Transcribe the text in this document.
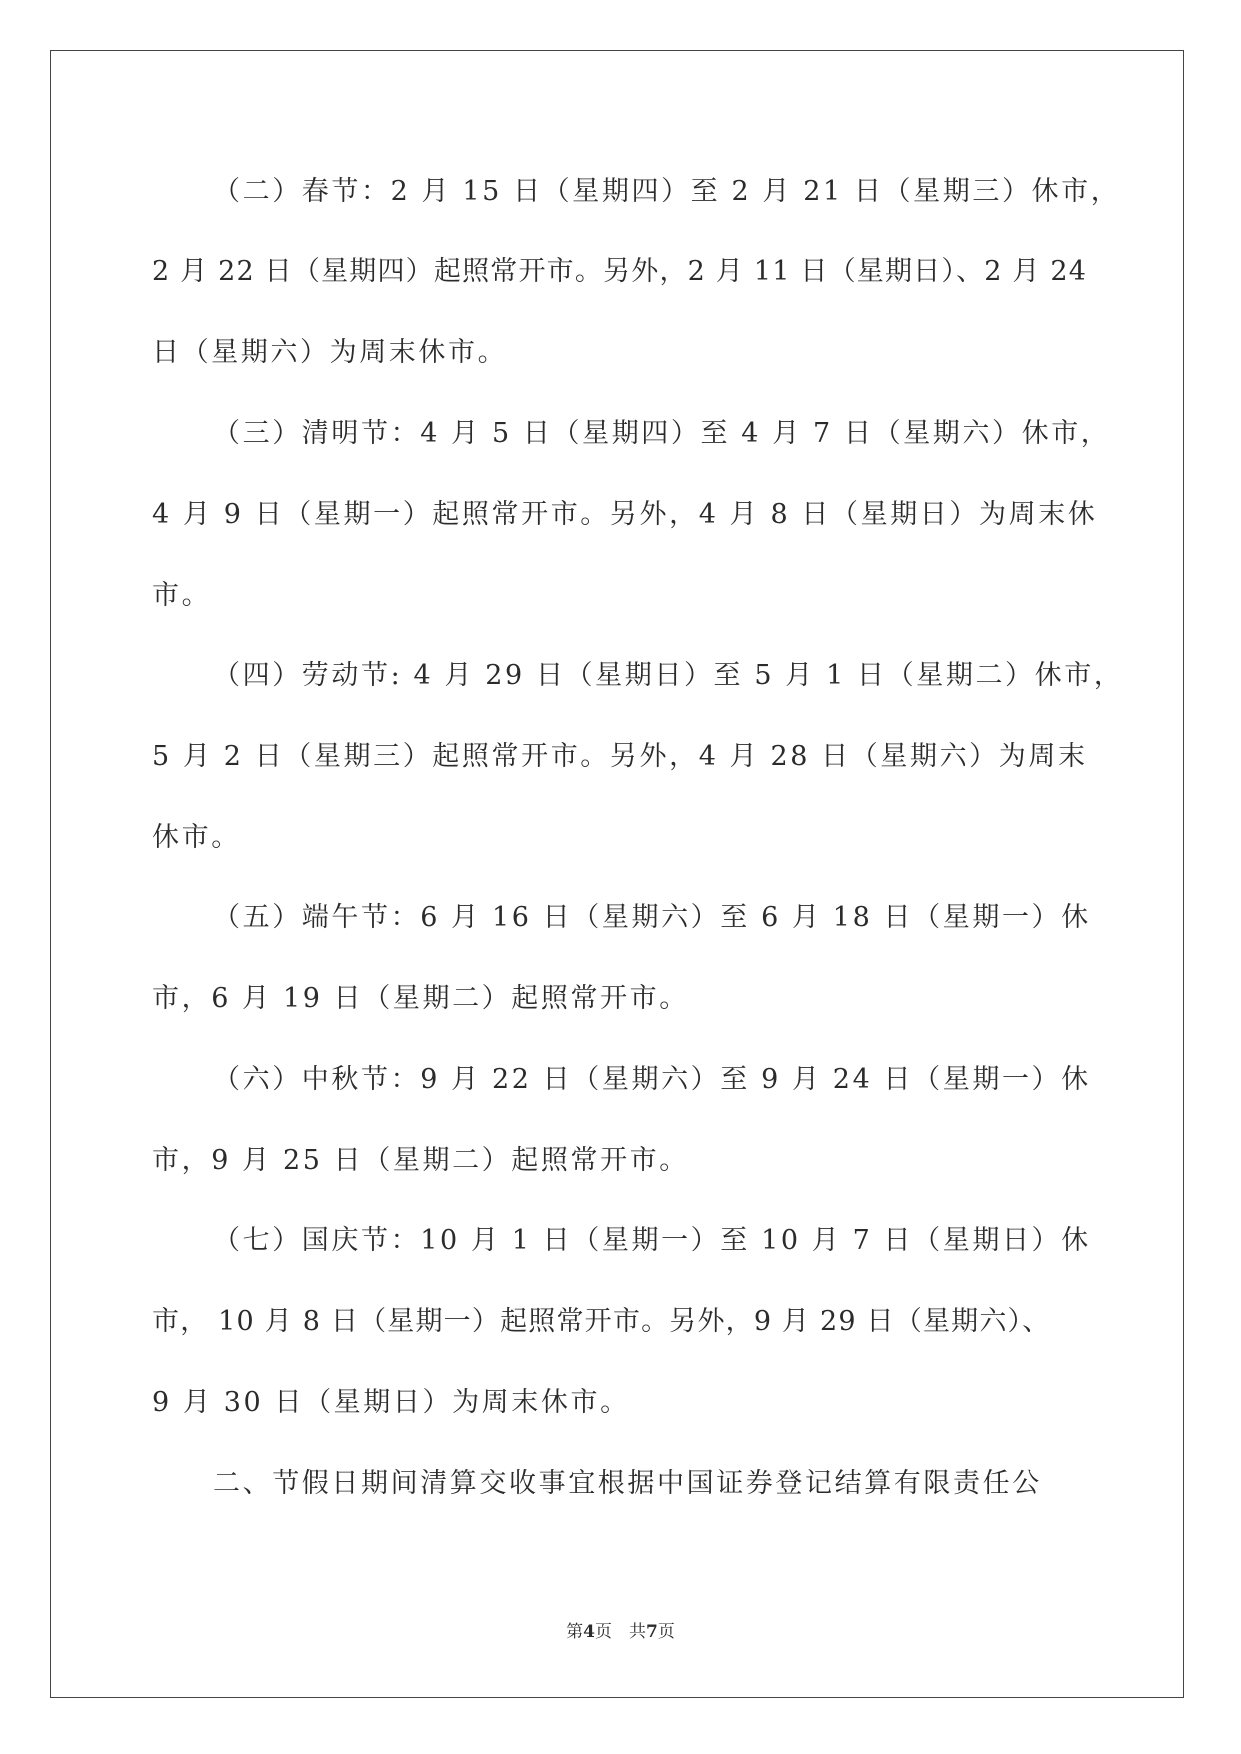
（二）春节：2 月 15 日（星期四）至 2 月 21 日（星期三）休市，
2 月 22 日（星期四）起照常开市。另外，2 月 11 日（星期日）、2 月 24
日（星期六）为周末休市。
（三）清明节：4 月 5 日（星期四）至 4 月 7 日（星期六）休市，
4 月 9 日（星期一）起照常开市。另外，4 月 8 日（星期日）为周末休
市。
（四）劳动节: 4 月 29 日（星期日）至 5 月 1 日（星期二）休市，
5 月 2 日（星期三）起照常开市。另外，4 月 28 日（星期六）为周末
休市。
（五）端午节：6 月 16 日（星期六）至 6 月 18 日（星期一）休
市，6 月 19 日（星期二）起照常开市。
（六）中秋节：9 月 22 日（星期六）至 9 月 24 日（星期一）休
市，9 月 25 日（星期二）起照常开市。
（七）国庆节：10 月 1 日（星期一）至 10 月 7 日（星期日）休
市， 10 月 8 日（星期一）起照常开市。另外，9 月 29 日（星期六）、
9 月 30 日（星期日）为周末休市。
二、节假日期间清算交收事宜根据中国证券登记结算有限责任公
第4页　共7页
